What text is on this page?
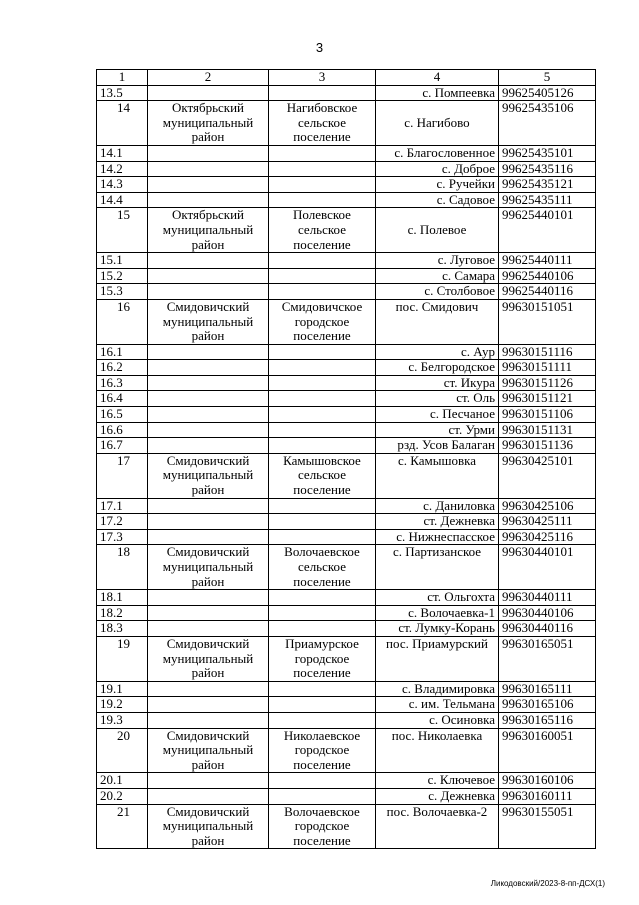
3
1	2	3	4	5
13.5			с. Помпеевка	99625405126
14	Октябрьский
муниципальный
район	Нагибовское
сельское
поселение	с. Нагибово	99625435106
14.1			с. Благословенное	99625435101
14.2			с. Доброе	99625435116
14.3			с. Ручейки	99625435121
14.4			с. Садовое	99625435111
15	Октябрьский
муниципальный
район	Полевское
сельское
поселение	с. Полевое	99625440101
15.1			с. Луговое	99625440111
15.2			с. Самара	99625440106
15.3			с. Столбовое	99625440116
16	Смидовичский
муниципальный
район	Смидовичское
городское
поселение	пос. Смидович	99630151051
16.1			с. Аур	99630151116
16.2			с. Белгородское	99630151111
16.3			ст. Икура	99630151126
16.4			ст. Оль	99630151121
16.5			с. Песчаное	99630151106
16.6			ст. Урми	99630151131
16.7			рзд. Усов Балаган	99630151136
17	Смидовичский
муниципальный
район	Камышовское
сельское
поселение	с. Камышовка	99630425101
17.1			с. Даниловка	99630425106
17.2			ст. Дежневка	99630425111
17.3			с. Нижнеспасское	99630425116
18	Смидовичский
муниципальный
район	Волочаевское
сельское
поселение	с. Партизанское	99630440101
18.1			ст. Ольгохта	99630440111
18.2			с. Волочаевка-1	99630440106
18.3			ст. Лумку-Корань	99630440116
19	Смидовичский
муниципальный
район	Приамурское
городское
поселение	пос. Приамурский	99630165051
19.1			с. Владимировка	99630165111
19.2			с. им. Тельмана	99630165106
19.3			с. Осиновка	99630165116
20	Смидовичский
муниципальный
район	Николаевское
городское
поселение	пос. Николаевка	99630160051
20.1			с. Ключевое	99630160106
20.2			с. Дежневка	99630160111
21	Смидовичский
муниципальный
район	Волочаевское
городское
поселение	пос. Волочаевка-2	99630155051
Ликодовский/2023-8-пп-ДСХ(1)
